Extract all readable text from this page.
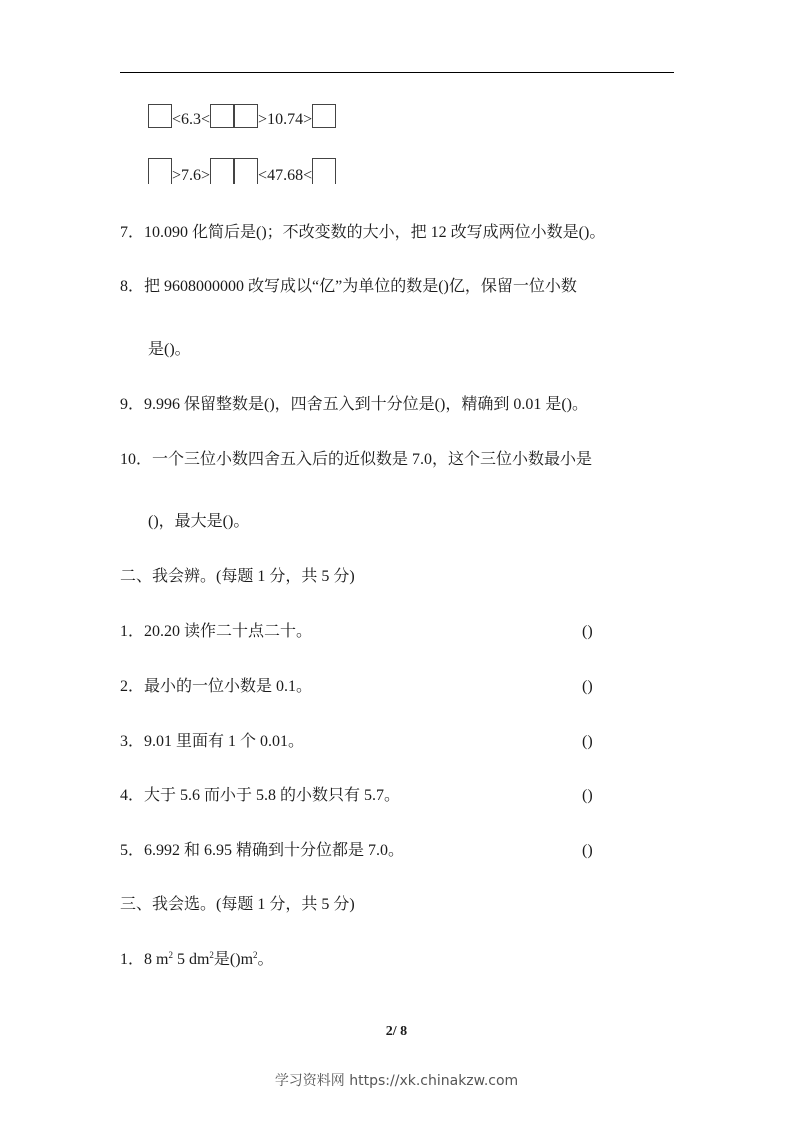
<6.3<	>10.74>
>7.6>	<47.68<
7．10.090 化简后是()；不改变数的大小，把 12 改写成两位小数是()。
8．把 9608000000 改写成以“亿”为单位的数是()亿，保留一位小数
是()。
9．9.996 保留整数是()，四舍五入到十分位是()，精确到 0.01 是()。
10．一个三位小数四舍五入后的近似数是 7.0，这个三位小数最小是
()，最大是()。
二、我会辨。(每题 1 分，共 5 分)
1．20.20 读作二十点二十。	()
2．最小的一位小数是 0.1。	()
3．9.01 里面有 1 个 0.01。	()
4．大于 5.6 而小于 5.8 的小数只有 5.7。	()
5．6.992 和 6.95 精确到十分位都是 7.0。	()
三、我会选。(每题 1 分，共 5 分)
1．8 $m^2$ 5 $dm^2$是$()m^2$。
2/ 8
学习资料网 https://xk.chinakzw.com
